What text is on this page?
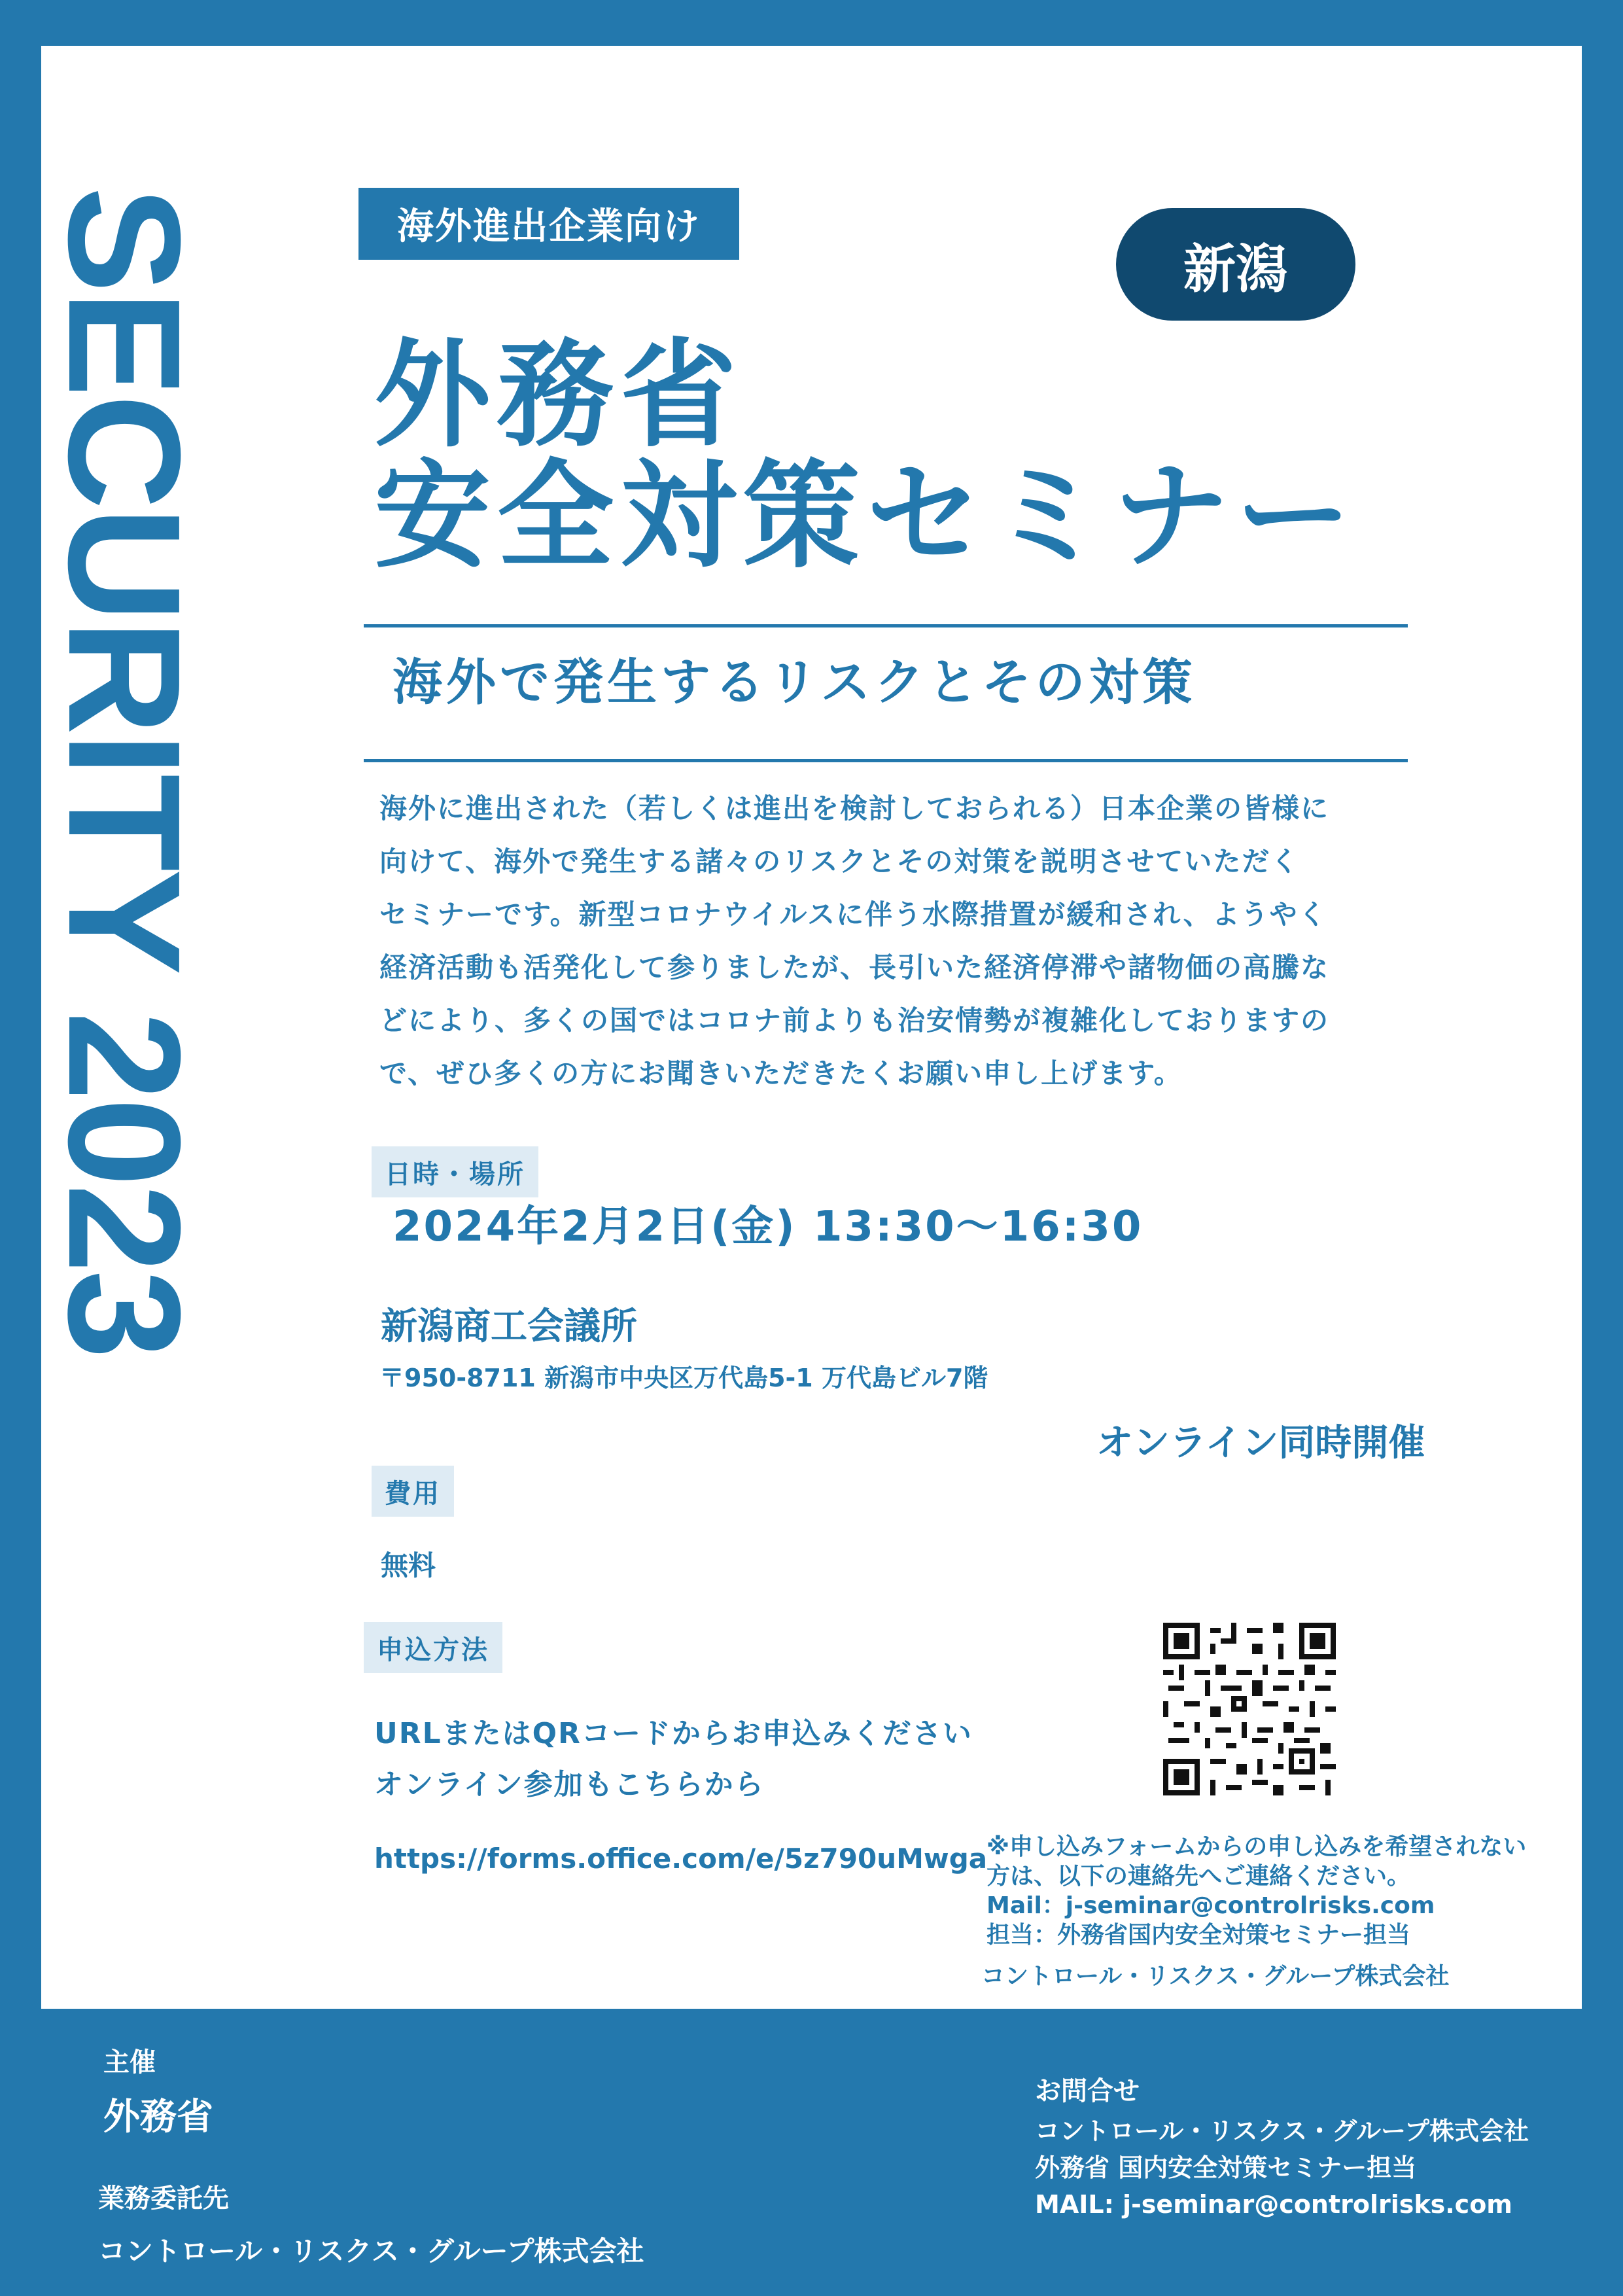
SECURITY 2023	海外進出企業向け
新潟
外務省
安全対策セミナー
海外で発生するリスクとその対策
海外に進出された（若しくは進出を検討しておられる）日本企業の皆様に
向けて、海外で発生する諸々のリスクとその対策を説明させていただく
セミナーです。新型コロナウイルスに伴う水際措置が緩和され、ようやく
経済活動も活発化して参りましたが、長引いた経済停滞や諸物価の高騰な
どにより、多くの国ではコロナ前よりも治安情勢が複雑化しておりますの
で、ぜひ多くの方にお聞きいただきたくお願い申し上げます。
日時・場所
2024年2月2日(金) 13:30〜16:30
新潟商工会議所
〒950-8711 新潟市中央区万代島5-1 万代島ビル7階
オンライン同時開催
費用
無料
申込方法
URLまたはQRコードからお申込みください
オンライン参加もこちらから
https://forms.office.com/e/5z790uMwga
※申し込みフォームからの申し込みを希望されない
方は、以下の連絡先へご連絡ください。
Mail：j-seminar@controlrisks.com
担当：外務省国内安全対策セミナー担当
コントロール・リスクス・グループ株式会社
主催
外務省
業務委託先
コントロール・リスクス・グループ株式会社
お問合せ
コントロール・リスクス・グループ株式会社
外務省 国内安全対策セミナー担当
MAIL: j-seminar@controlrisks.com
